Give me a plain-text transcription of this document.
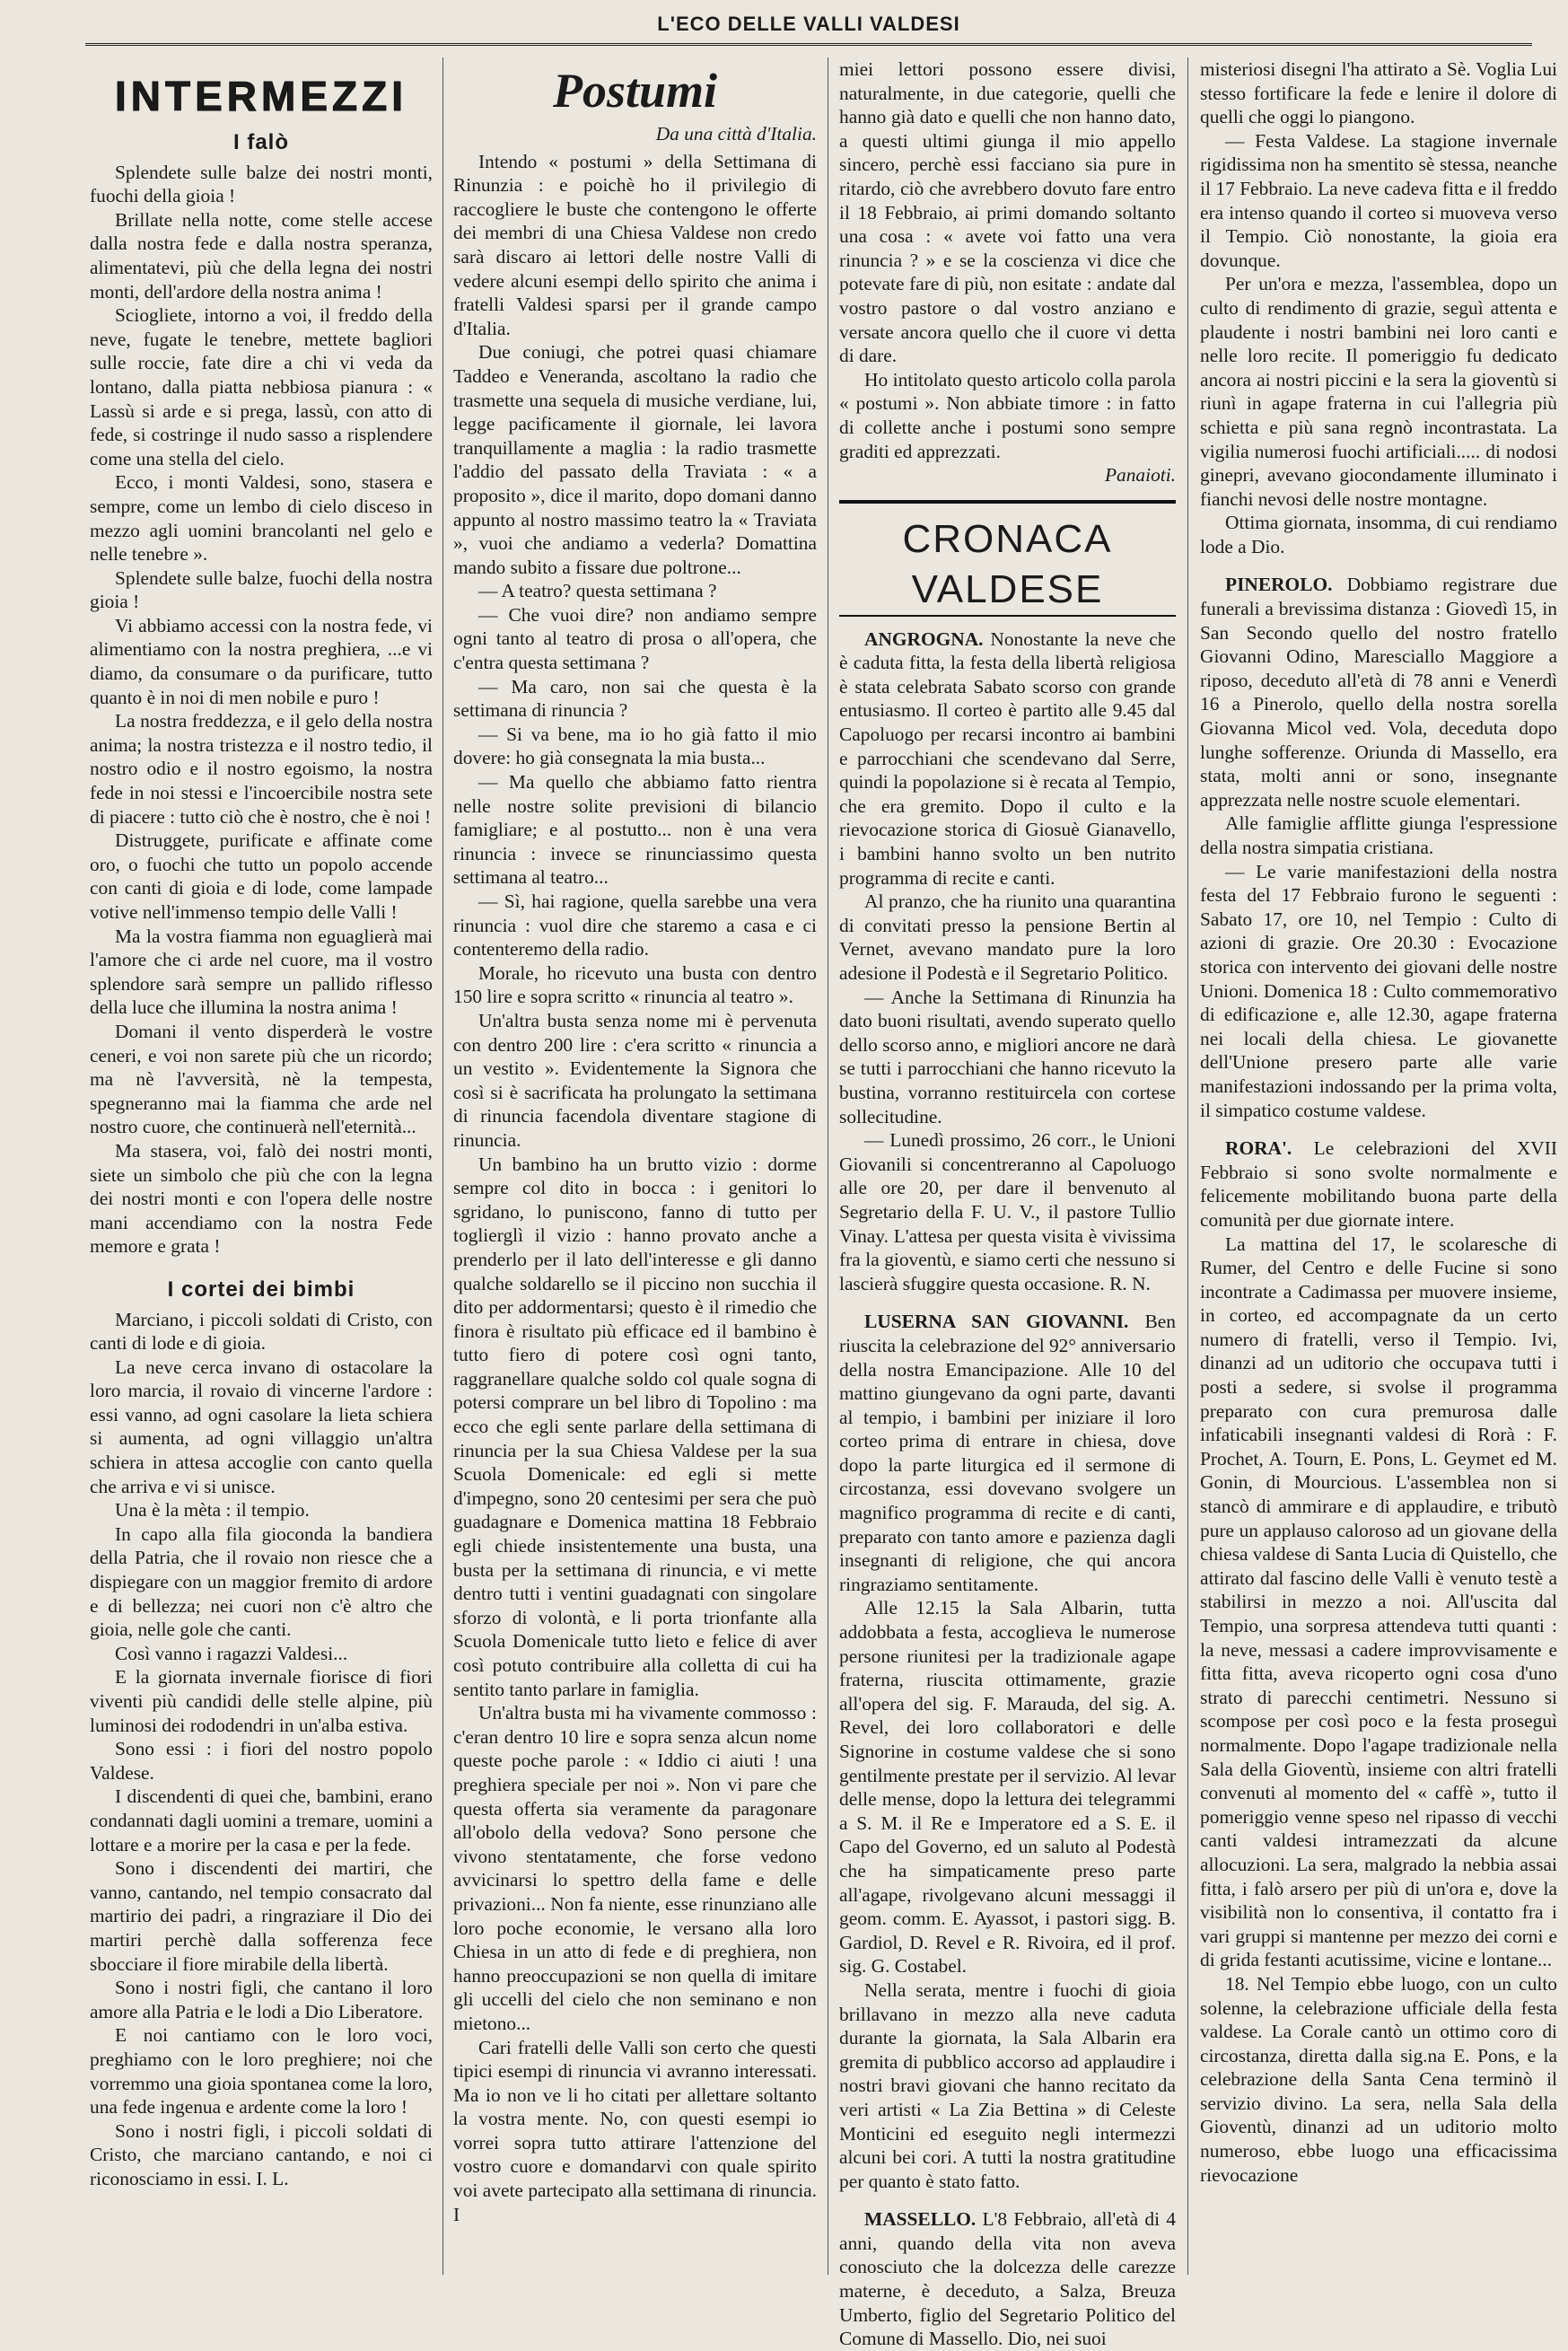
L'ECO DELLE VALLI VALDESI
INTERMEZZI
I falò

Splendete sulle balze dei nostri monti, fuochi della gioia !

Brillate nella notte, come stelle accese dalla nostra fede e dalla nostra speranza, alimentatevi, più che della legna dei nostri monti, dell'ardore della nostra anima !

Sciogliete, intorno a voi, il freddo della neve, fugate le tenebre, mettete bagliori sulle roccie, fate dire a chi vi veda da lontano, dalla piatta nebbiosa pianura : « Lassù si arde e si prega, lassù, con atto di fede, si costringe il nudo sasso a risplendere come una stella del cielo.

Ecco, i monti Valdesi, sono, stasera e sempre, come un lembo di cielo disceso in mezzo agli uomini brancolanti nel gelo e nelle tenebre ».

Splendete sulle balze, fuochi della nostra gioia !

Vi abbiamo accessi con la nostra fede, vi alimentiamo con la nostra preghiera, ...e vi diamo, da consumare o da purificare, tutto quanto è in noi di men nobile e puro !

La nostra freddezza, e il gelo della nostra anima; la nostra tristezza e il nostro tedio, il nostro odio e il nostro egoismo, la nostra fede in noi stessi e l'incoercibile nostra sete di piacere : tutto ciò che è nostro, che è noi !

Distruggete, purificate e affinate come oro, o fuochi che tutto un popolo accende con canti di gioia e di lode, come lampade votive nell'immenso tempio delle Valli !

Ma la vostra fiamma non eguaglierà mai l'amore che ci arde nel cuore, ma il vostro splendore sarà sempre un pallido riflesso della luce che illumina la nostra anima !

Domani il vento disperderà le vostre ceneri, e voi non sarete più che un ricordo; ma nè l'avversità, nè la tempesta, spegneranno mai la fiamma che arde nel nostro cuore, che continuerà nell'eternità...

Ma stasera, voi, falò dei nostri monti, siete un simbolo che più che con la legna dei nostri monti e con l'opera delle nostre mani accendiamo con la nostra Fede memore e grata !

I cortei dei bimbi

Marciano, i piccoli soldati di Cristo, con canti di lode e di gioia.

La neve cerca invano di ostacolare la loro marcia, il rovaio di vincerne l'ardore : essi vanno, ad ogni casolare la lieta schiera si aumenta, ad ogni villaggio un'altra schiera in attesa accoglie con canto quella che arriva e vi si unisce.

Una è la mèta : il tempio.

In capo alla fila gioconda la bandiera della Patria, che il rovaio non riesce che a dispiegare con un maggior fremito di ardore e di bellezza; nei cuori non c'è altro che gioia, nelle gole che canti.

Così vanno i ragazzi Valdesi...

E la giornata invernale fiorisce di fiori viventi più candidi delle stelle alpine, più luminosi dei rododendri in un'alba estiva.

Sono essi : i fiori del nostro popolo Valdese.

I discendenti di quei che, bambini, erano condannati dagli uomini a tremare, uomini a lottare e a morire per la casa e per la fede.

Sono i discendenti dei martiri, che vanno, cantando, nel tempio consacrato dal martirio dei padri, a ringraziare il Dio dei martiri perchè dalla sofferenza fece sbocciare il fiore mirabile della libertà.

Sono i nostri figli, che cantano il loro amore alla Patria e le lodi a Dio Liberatore.

E noi cantiamo con le loro voci, preghiamo con le loro preghiere; noi che vorremmo una gioia spontanea come la loro, una fede ingenua e ardente come la loro !

Sono i nostri figli, i piccoli soldati di Cristo, che marciano cantando, e noi ci riconosciamo in essi. I. L.

Postumi
Da una città d'Italia.

Intendo « postumi » della Settimana di Rinunzia : e poichè ho il privilegio di raccogliere le buste che contengono le offerte dei membri di una Chiesa Valdese non credo sarà discaro ai lettori delle nostre Valli di vedere alcuni esempi dello spirito che anima i fratelli Valdesi sparsi per il grande campo d'Italia.

Due coniugi, che potrei quasi chiamare Taddeo e Veneranda, ascoltano la radio che trasmette una sequela di musiche verdiane, lui, legge pacificamente il giornale, lei lavora tranquillamente a maglia : la radio trasmette l'addio del passato della Traviata : « a proposito », dice il marito, dopo domani danno appunto al nostro massimo teatro la « Traviata », vuoi che andiamo a vederla? Domattina mando subito a fissare due poltrone...

— A teatro? questa settimana ?

— Che vuoi dire? non andiamo sempre ogni tanto al teatro di prosa o all'opera, che c'entra questa settimana ?

— Ma caro, non sai che questa è la settimana di rinuncia ?

— Si va bene, ma io ho già fatto il mio dovere: ho già consegnata la mia busta...

— Ma quello che abbiamo fatto rientra nelle nostre solite previsioni di bilancio famigliare; e al postutto... non è una vera rinuncia : invece se rinunciassimo questa settimana al teatro...

— Sì, hai ragione, quella sarebbe una vera rinuncia : vuol dire che staremo a casa e ci contenteremo della radio.

Morale, ho ricevuto una busta con dentro 150 lire e sopra scritto « rinuncia al teatro ».

Un'altra busta senza nome mi è pervenuta con dentro 200 lire : c'era scritto « rinuncia a un vestito ». Evidentemente la Signora che così si è sacrificata ha prolungato la settimana di rinuncia facendola diventare stagione di rinuncia.

Un bambino ha un brutto vizio : dorme sempre col dito in bocca : i genitori lo sgridano, lo puniscono, fanno di tutto per toglierglì il vizio : hanno provato anche a prenderlo per il lato dell'interesse e gli danno qualche soldarello se il piccino non succhia il dito per addormentarsi; questo è il rimedio che finora è risultato più efficace ed il bambino è tutto fiero di potere così ogni tanto, raggranellare qualche soldo col quale sogna di potersi comprare un bel libro di Topolino : ma ecco che egli sente parlare della settimana di rinuncia per la sua Chiesa Valdese per la sua Scuola Domenicale: ed egli si mette d'impegno, sono 20 centesimi per sera che può guadagnare e Domenica mattina 18 Febbraio egli chiede insistentemente una busta, una busta per la settimana di rinuncia, e vi mette dentro tutti i ventini guadagnati con singolare sforzo di volontà, e li porta trionfante alla Scuola Domenicale tutto lieto e felice di aver così potuto contribuire alla colletta di cui ha sentito tanto parlare in famiglia.

Un'altra busta mi ha vivamente commosso : c'eran dentro 10 lire e sopra senza alcun nome queste poche parole : « Iddio ci aiuti ! una preghiera speciale per noi ». Non vi pare che questa offerta sia veramente da paragonare all'obolo della vedova? Sono persone che vivono stentatamente, che forse vedono avvicinarsi lo spettro della fame e delle privazioni... Non fa niente, esse rinunziano alle loro poche economie, le versano alla loro Chiesa in un atto di fede e di preghiera, non hanno preoccupazioni se non quella di imitare gli uccelli del cielo che non seminano e non mietono...

Cari fratelli delle Valli son certo che questi tipici esempi di rinuncia vi avranno interessati. Ma io non ve li ho citati per allettare soltanto la vostra mente. No, con questi esempi io vorrei sopra tutto attirare l'attenzione del vostro cuore e domandarvi con quale spirito voi avete partecipato alla settimana di rinuncia. I

miei lettori possono essere divisi, naturalmente, in due categorie, quelli che hanno già dato e quelli che non hanno dato, a questi ultimi giunga il mio appello sincero, perchè essi facciano sia pure in ritardo, ciò che avrebbero dovuto fare entro il 18 Febbraio, ai primi domando soltanto una cosa : « avete voi fatto una vera rinuncia ? » e se la coscienza vi dice che potevate fare di più, non esitate : andate dal vostro pastore o dal vostro anziano e versate ancora quello che il cuore vi detta di dare.

Ho intitolato questo articolo colla parola « postumi ». Non abbiate timore : in fatto di collette anche i postumi sono sempre graditi ed apprezzati.

Panaioti.
CRONACA VALDESE

ANGROGNA. Nonostante la neve che è caduta fitta, la festa della libertà religiosa è stata celebrata Sabato scorso con grande entusiasmo. Il corteo è partito alle 9.45 dal Capoluogo per recarsi incontro ai bambini e parrocchiani che scendevano dal Serre, quindi la popolazione si è recata al Tempio, che era gremito. Dopo il culto e la rievocazione storica di Giosuè Gianavello, i bambini hanno svolto un ben nutrito programma di recite e canti.

Al pranzo, che ha riunito una quarantina di convitati presso la pensione Bertin al Vernet, avevano mandato pure la loro adesione il Podestà e il Segretario Politico.

— Anche la Settimana di Rinunzia ha dato buoni risultati, avendo superato quello dello scorso anno, e migliori ancore ne darà se tutti i parrocchiani che hanno ricevuto la bustina, vorranno restituircela con cortese sollecitudine.

— Lunedì prossimo, 26 corr., le Unioni Giovanili si concentreranno al Capoluogo alle ore 20, per dare il benvenuto al Segretario della F. U. V., il pastore Tullio Vinay. L'attesa per questa visita è vivissima fra la gioventù, e siamo certi che nessuno si lascierà sfuggire questa occasione. R. N.

LUSERNA SAN GIOVANNI. Ben riuscita la celebrazione del 92° anniversario della nostra Emancipazione. Alle 10 del mattino giungevano da ogni parte, davanti al tempio, i bambini per iniziare il loro corteo prima di entrare in chiesa, dove dopo la parte liturgica ed il sermone di circostanza, essi dovevano svolgere un magnifico programma di recite e di canti, preparato con tanto amore e pazienza dagli insegnanti di religione, che qui ancora ringraziamo sentitamente.

Alle 12.15 la Sala Albarin, tutta addobbata a festa, accoglieva le numerose persone riunitesi per la tradizionale agape fraterna, riuscita ottimamente, grazie all'opera del sig. F. Marauda, del sig. A. Revel, dei loro collaboratori e delle Signorine in costume valdese che si sono gentilmente prestate per il servizio. Al levar delle mense, dopo la lettura dei telegrammi a S. M. il Re e Imperatore ed a S. E. il Capo del Governo, ed un saluto al Podestà che ha simpaticamente preso parte all'agape, rivolgevano alcuni messaggi il geom. comm. E. Ayassot, i pastori sigg. B. Gardiol, D. Revel e R. Rivoira, ed il prof. sig. G. Costabel.

Nella serata, mentre i fuochi di gioia brillavano in mezzo alla neve caduta durante la giornata, la Sala Albarin era gremita di pubblico accorso ad applaudire i nostri bravi giovani che hanno recitato da veri artisti « La Zia Bettina » di Celeste Monticini ed eseguito negli intermezzi alcuni bei cori. A tutti la nostra gratitudine per quanto è stato fatto.

MASSELLO. L'8 Febbraio, all'età di 4 anni, quando della vita non aveva conosciuto che la dolcezza delle carezze materne, è deceduto, a Salza, Breuza Umberto, figlio del Segretario Politico del Comune di Massello. Dio, nei suoi

misteriosi disegni l'ha attirato a Sè. Voglia Lui stesso fortificare la fede e lenire il dolore di quelli che oggi lo piangono.

— Festa Valdese. La stagione invernale rigidissima non ha smentito sè stessa, neanche il 17 Febbraio. La neve cadeva fitta e il freddo era intenso quando il corteo si muoveva verso il Tempio. Ciò nonostante, la gioia era dovunque.

Per un'ora e mezza, l'assemblea, dopo un culto di rendimento di grazie, seguì attenta e plaudente i nostri bambini nei loro canti e nelle loro recite. Il pomeriggio fu dedicato ancora ai nostri piccini e la sera la gioventù si riunì in agape fraterna in cui l'allegria più schietta e più sana regnò incontrastata. La vigilia numerosi fuochi artificiali..... di nodosi ginepri, avevano giocondamente illuminato i fianchi nevosi delle nostre montagne.

Ottima giornata, insomma, di cui rendiamo lode a Dio.

PINEROLO. Dobbiamo registrare due funerali a brevissima distanza : Giovedì 15, in San Secondo quello del nostro fratello Giovanni Odino, Maresciallo Maggiore a riposo, deceduto all'età di 78 anni e Venerdì 16 a Pinerolo, quello della nostra sorella Giovanna Micol ved. Vola, deceduta dopo lunghe sofferenze. Oriunda di Massello, era stata, molti anni or sono, insegnante apprezzata nelle nostre scuole elementari.

Alle famiglie afflitte giunga l'espressione della nostra simpatia cristiana.

— Le varie manifestazioni della nostra festa del 17 Febbraio furono le seguenti : Sabato 17, ore 10, nel Tempio : Culto di azioni di grazie. Ore 20.30 : Evocazione storica con intervento dei giovani delle nostre Unioni. Domenica 18 : Culto commemorativo di edificazione e, alle 12.30, agape fraterna nei locali della chiesa. Le giovanette dell'Unione presero parte alle varie manifestazioni indossando per la prima volta, il simpatico costume valdese.

RORA'. Le celebrazioni del XVII Febbraio si sono svolte normalmente e felicemente mobilitando buona parte della comunità per due giornate intere.

La mattina del 17, le scolaresche di Rumer, del Centro e delle Fucine si sono incontrate a Cadimassa per muovere insieme, in corteo, ed accompagnate da un certo numero di fratelli, verso il Tempio. Ivi, dinanzi ad un uditorio che occupava tutti i posti a sedere, si svolse il programma preparato con cura premurosa dalle infaticabili insegnanti valdesi di Rorà : F. Prochet, A. Tourn, E. Pons, L. Geymet ed M. Gonin, di Mourcious. L'assemblea non si stancò di ammirare e di applaudire, e tributò pure un applauso caloroso ad un giovane della chiesa valdese di Santa Lucia di Quistello, che attirato dal fascino delle Valli è venuto testè a stabilirsi in mezzo a noi. All'uscita dal Tempio, una sorpresa attendeva tutti quanti : la neve, messasi a cadere improvvisamente e fitta fitta, aveva ricoperto ogni cosa d'uno strato di parecchi centimetri. Nessuno si scompose per così poco e la festa proseguì normalmente. Dopo l'agape tradizionale nella Sala della Gioventù, insieme con altri fratelli convenuti al momento del « caffè », tutto il pomeriggio venne speso nel ripasso di vecchi canti valdesi intramezzati da alcune allocuzioni. La sera, malgrado la nebbia assai fitta, i falò arsero per più di un'ora e, dove la visibilità non lo consentiva, il contatto fra i vari gruppi si mantenne per mezzo dei corni e di grida festanti acutissime, vicine e lontane...

18. Nel Tempio ebbe luogo, con un culto solenne, la celebrazione ufficiale della festa valdese. La Corale cantò un ottimo coro di circostanza, diretta dalla sig.na E. Pons, e la celebrazione della Santa Cena terminò il servizio divino. La sera, nella Sala della Gioventù, dinanzi ad un uditorio molto numeroso, ebbe luogo una efficacissima rievocazione
